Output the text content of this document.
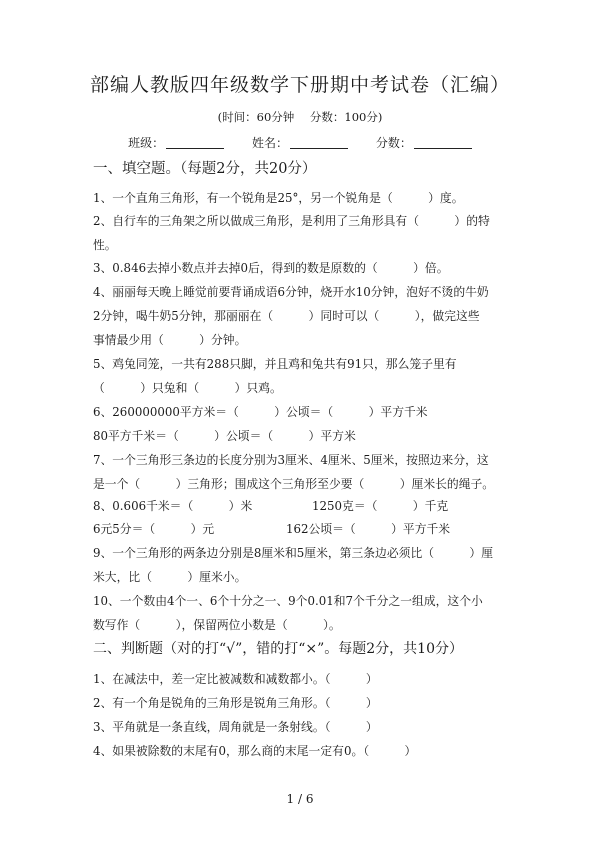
部编人教版四年级数学下册期中考试卷（汇编）
(时间：60分钟 分数：100分)
班级：	姓名：	分数：
一、填空题。（每题2分，共20分）
1、一个直角三角形，有一个锐角是25°，另一个锐角是（　　　）度。
2、自行车的三角架之所以做成三角形，是利用了三角形具有（　　　）的特
性。
3、0.846去掉小数点并去掉0后，得到的数是原数的（　　　）倍。
4、丽丽每天晚上睡觉前要背诵成语6分钟，烧开水10分钟，泡好不烫的牛奶
2分钟，喝牛奶5分钟，那丽丽在（　　　）同时可以（　　　），做完这些
事情最少用（　　　）分钟。
5、鸡兔同笼，一共有288只脚，并且鸡和兔共有91只，那么笼子里有
（　　　）只兔和（　　　）只鸡。
6、260000000平方米＝（　　　）公顷＝（　　　）平方千米
80平方千米＝（　　　）公顷＝（　　　）平方米
7、一个三角形三条边的长度分别为3厘米、4厘米、5厘米，按照边来分，这
是一个（　　　）三角形；围成这个三角形至少要（　　　）厘米长的绳子。
8、0.606千米＝（　　　）米	1250克＝（　　　）千克
6元5分＝（　　　）元	162公顷＝（　　　）平方千米
9、一个三角形的两条边分别是8厘米和5厘米，第三条边必须比（　　　）厘
米大，比（　　　）厘米小。
10、一个数由4个一、6个十分之一、9个0.01和7个千分之一组成，这个小
数写作（　　　），保留两位小数是（　　　）。
二、判断题（对的打“√”，错的打“×”。每题2分，共10分）
1、在减法中，差一定比被减数和减数都小。（　　　）
2、有一个角是锐角的三角形是锐角三角形。（　　　）
3、平角就是一条直线，周角就是一条射线。（　　　）
4、如果被除数的末尾有0，那么商的末尾一定有0。（　　　）
1 / 6
